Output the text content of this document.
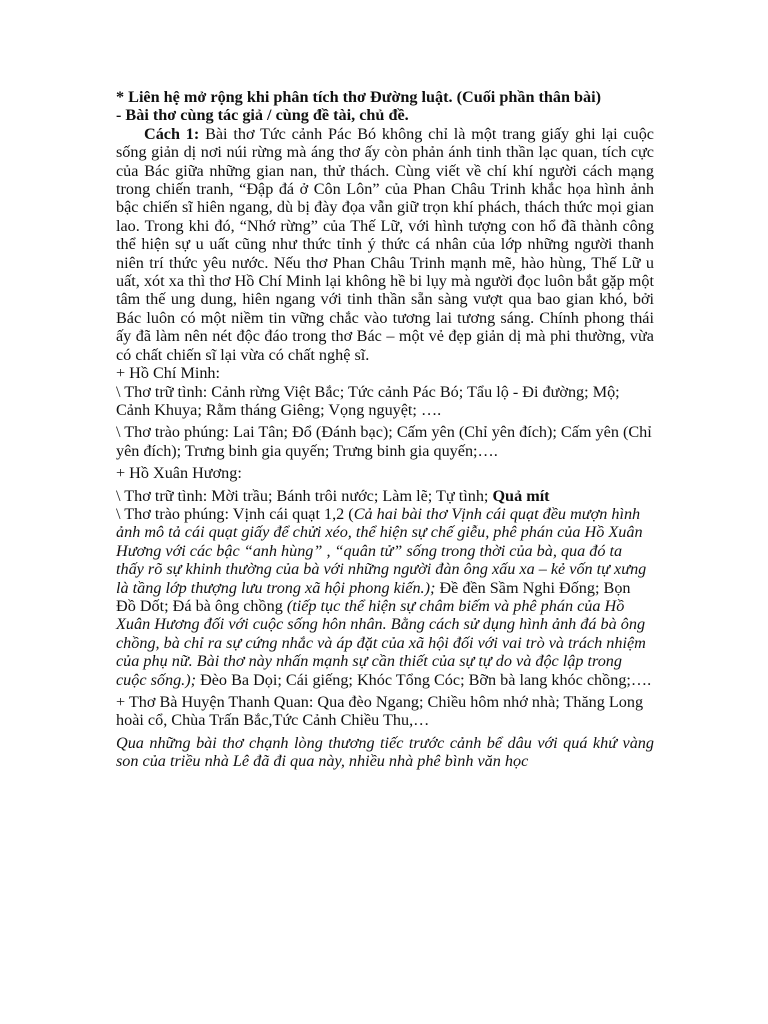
* Liên hệ mở rộng khi phân tích thơ Đường luật. (Cuối phần thân bài)

- Bài thơ cùng tác giả / cùng đề tài, chủ đề.

Cách 1: Bài thơ Tức cảnh Pác Bó không chỉ là một trang giấy ghi lại cuộc sống giản dị nơi núi rừng mà áng thơ ấy còn phản ánh tinh thần lạc quan, tích cực của Bác giữa những gian nan, thử thách. Cùng viết về chí khí người cách mạng trong chiến tranh, “Đập đá ở Côn Lôn” của Phan Châu Trinh khắc họa hình ảnh bậc chiến sĩ hiên ngang, dù bị đày đọa vẫn giữ trọn khí phách, thách thức mọi gian lao. Trong khi đó, “Nhớ rừng” của Thế Lữ, với hình tượng con hổ đã thành công thể hiện sự u uất cũng như thức tỉnh ý thức cá nhân của lớp những người thanh niên trí thức yêu nước. Nếu thơ Phan Châu Trinh mạnh mẽ, hào hùng, Thế Lữ u uất, xót xa thì thơ Hồ Chí Minh lại không hề bi lụy mà người đọc luôn bắt gặp một tâm thế ung dung, hiên ngang với tinh thần sẵn sàng vượt qua bao gian khó, bởi Bác luôn có một niềm tin vững chắc vào tương lai tương sáng. Chính phong thái ấy đã làm nên nét độc đáo trong thơ Bác – một vẻ đẹp giản dị mà phi thường, vừa có chất chiến sĩ lại vừa có chất nghệ sĩ.

+ Hồ Chí Minh:

\ Thơ trữ tình: Cảnh rừng Việt Bắc; Tức cảnh Pác Bó; Tẩu lộ - Đi đường; Mộ; Cảnh Khuya; Rằm tháng Giêng; Vọng nguyệt; ….

\ Thơ trào phúng: Lai Tân; Đổ (Đánh bạc); Cấm yên (Chỉ yên đích); Cấm yên (Chỉ yên đích); Trưng binh gia quyến; Trưng binh gia quyến;….

+ Hồ Xuân Hương:

\ Thơ trữ tình: Mời trầu; Bánh trôi nước; Làm lẽ; Tự tình; Quả mít

\ Thơ trào phúng: Vịnh cái quạt 1,2 (Cả hai bài thơ Vịnh cái quạt đều mượn hình ảnh mô tả cái quạt giấy để chửi xéo, thể hiện sự chế giễu, phê phán của Hồ Xuân Hương với các bậc “anh hùng” , “quân tử” sống trong thời của bà, qua đó ta thấy rõ sự khinh thường của bà với những người đàn ông xấu xa – kẻ vốn tự xưng là tầng lớp thượng lưu trong xã hội phong kiến.); Đề đền Sầm Nghi Đống; Bọn Đồ Dốt; Đá bà ông chồng (tiếp tục thể hiện sự châm biếm và phê phán của Hồ Xuân Hương đối với cuộc sống hôn nhân. Bằng cách sử dụng hình ảnh đá bà ông chồng, bà chỉ ra sự cứng nhắc và áp đặt của xã hội đối với vai trò và trách nhiệm của phụ nữ. Bài thơ này nhấn mạnh sự cần thiết của sự tự do và độc lập trong cuộc sống.); Đèo Ba Dọi; Cái giếng; Khóc Tổng Cóc; Bỡn bà lang khóc chồng;….

+ Thơ Bà Huyện Thanh Quan: Qua đèo Ngang; Chiều hôm nhớ nhà; Thăng Long hoài cổ, Chùa Trấn Bắc,Tức Cảnh Chiều Thu,…

Qua những bài thơ chạnh lòng thương tiếc trước cảnh bể dâu với quá khứ vàng son của triều nhà Lê đã đi qua này, nhiều nhà phê bình văn học
